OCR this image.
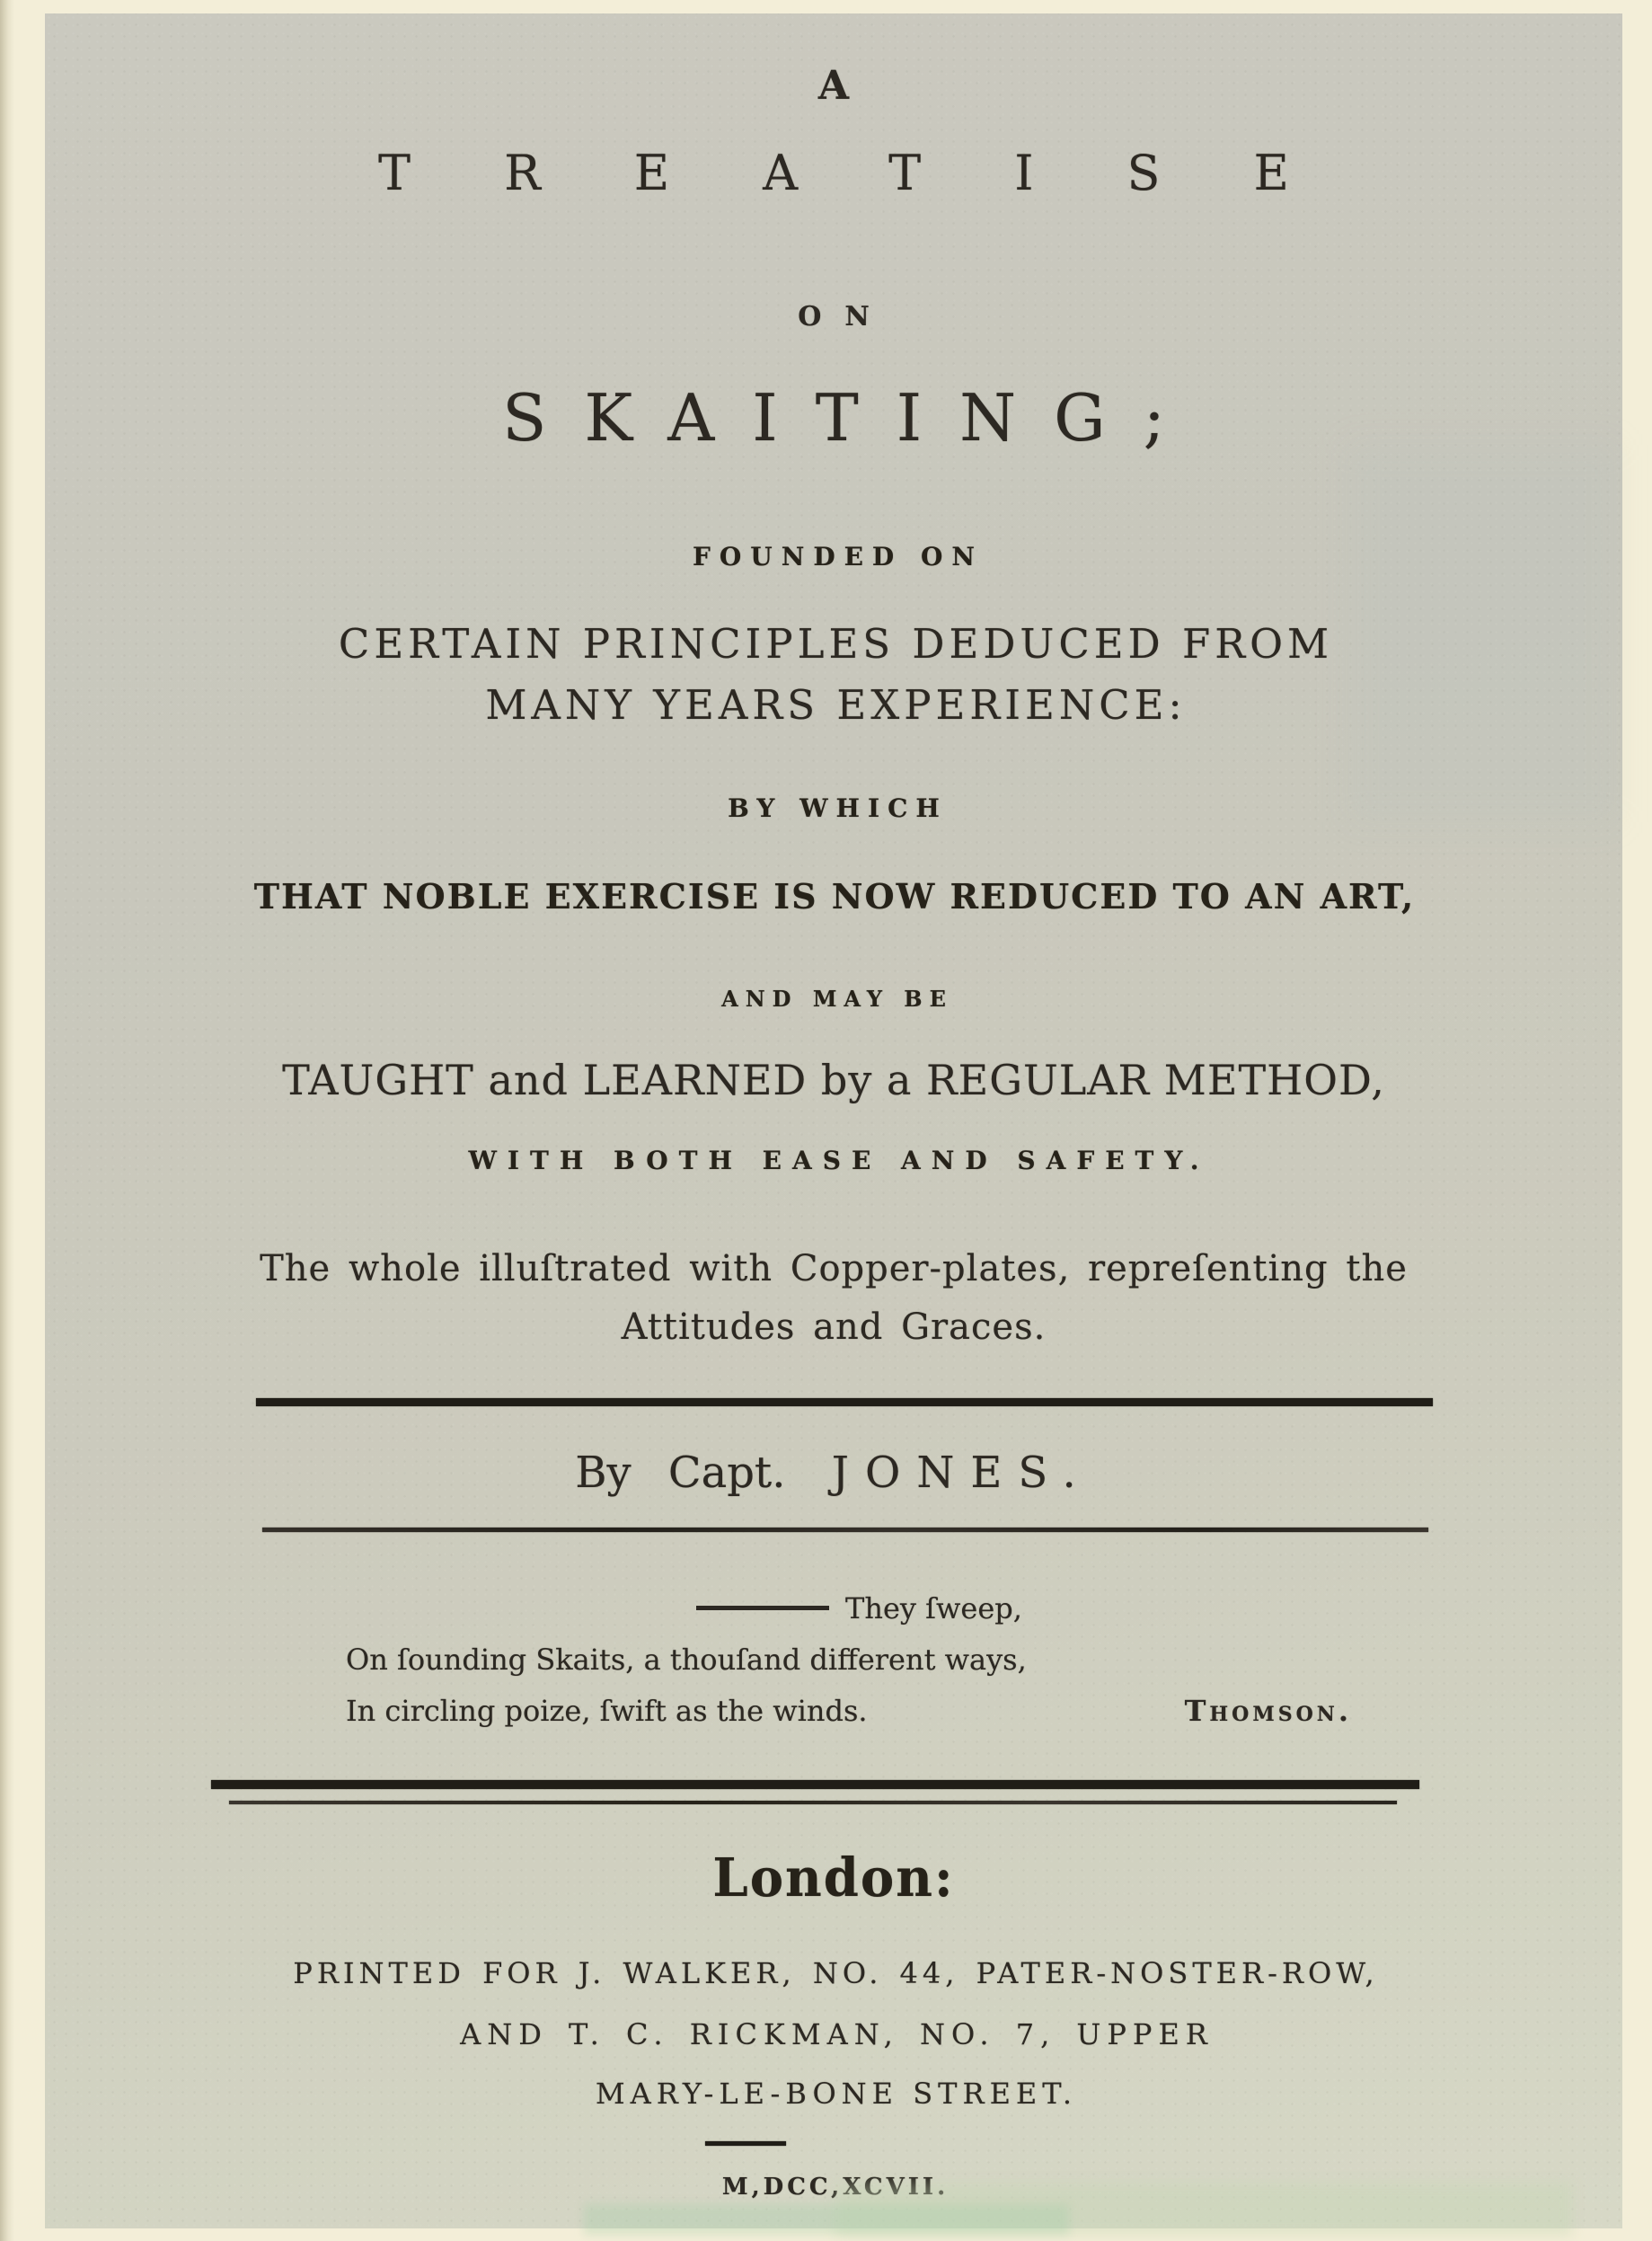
A
TREATISE
ON
SKAITING;
FOUNDED ON
CERTAIN PRINCIPLES DEDUCED FROM
MANY YEARS EXPERIENCE:
BY WHICH
THAT NOBLE EXERCISE IS NOW REDUCED TO AN ART,
AND MAY BE
TAUGHT and LEARNED by a REGULAR METHOD,
WITH BOTH EASE AND SAFETY.
The whole illuſtrated with Copper-plates, repreſenting the
Attitudes and Graces.
By Capt. JONES.
They ſweep,
On ſounding Skaits, a thouſand different ways,
In circling poize, ſwift as the winds.	Thomson.
London:
PRINTED FOR J. WALKER, NO. 44, PATER-NOSTER-ROW,
AND T. C. RICKMAN, NO. 7, UPPER
MARY-LE-BONE STREET.
M,DCC,XCVII.
